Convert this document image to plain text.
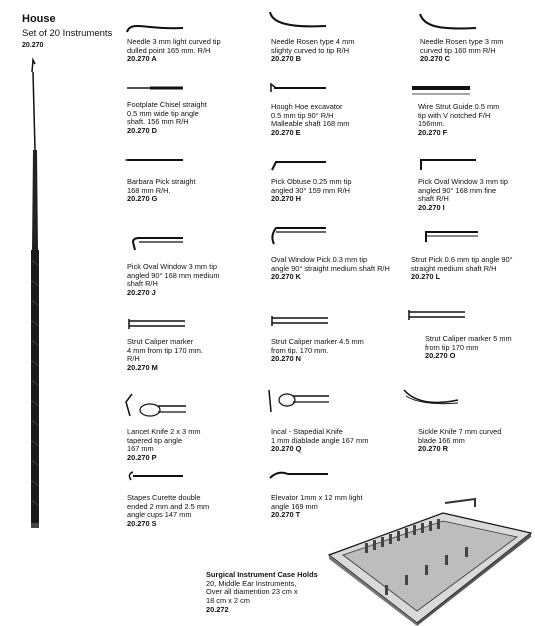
House
Set of 20 Instruments
20.270	Needle 3 mm light curved tip
dulled point 165 mm. R/H
20.270 A
Needle Rosen type 4 mm
slighty curved to tip R/H
20.270 B
Needle Rosen type 3 mm
curved tip 160 mm R/H
20.270 C
Footplate Chisel straight
0.5 mm wide tip angle
shaft. 156 mm R/H
20.270 D
Hough Hoe excavator
0.5 mm tip 90° R/H
Malleable shaft 168 mm
20.270 E
Wire Strut Guide 0.5 mm
tip with V notched F/H
156mm.
20.270 F
Barbara Pick straight
168 mm R/H.
20.270 G
Pick Obtuse 0.25 mm tip
angled 30° 159 mm R/H
20.270 H
Pick Oval Window 3 mm tip
angled 90° 168 mm fine
shaft R/H
20.270 I
Pick Oval Window 3 mm tip
angled 90° 168 mm medium
shaft R/H
20.270 J
Oval Window Pick 0.3 mm tip
angle 90° straight medium shaft R/H
20.270 K
Strut Pick 0.6 mm tip angle 90°
straight medium shaft R/H
20.270 L
Strut Caliper marker
4 mm from tip 170 mm.
R/H
20.270 M
Strut Caliper marker 4.5 mm
from tip. 170 mm.
20.270 N
Strut Caliper marker 5 mm
from tip 170 mm
20.270 O
Lancet Knife 2 x 3 mm
tapered tip angle
167 mm
20.270 P
Incal - Stapedial Knife
1 mm diablade angle 167 mm
20.270 Q
Sickle Knife 7 mm curved
blade 166 mm
20.270 R
Stapes Curette double
ended 2 mm and 2.5 mm
angle cups 147 mm
20.270 S
Elevator 1mm x 12 mm light
angle 169 mm
20.270 T
Surgical Instrument Case Holds
20, Middle Ear Instruments,
Over all diamention 23 cm x
18 cm x 2 cm
20.272
